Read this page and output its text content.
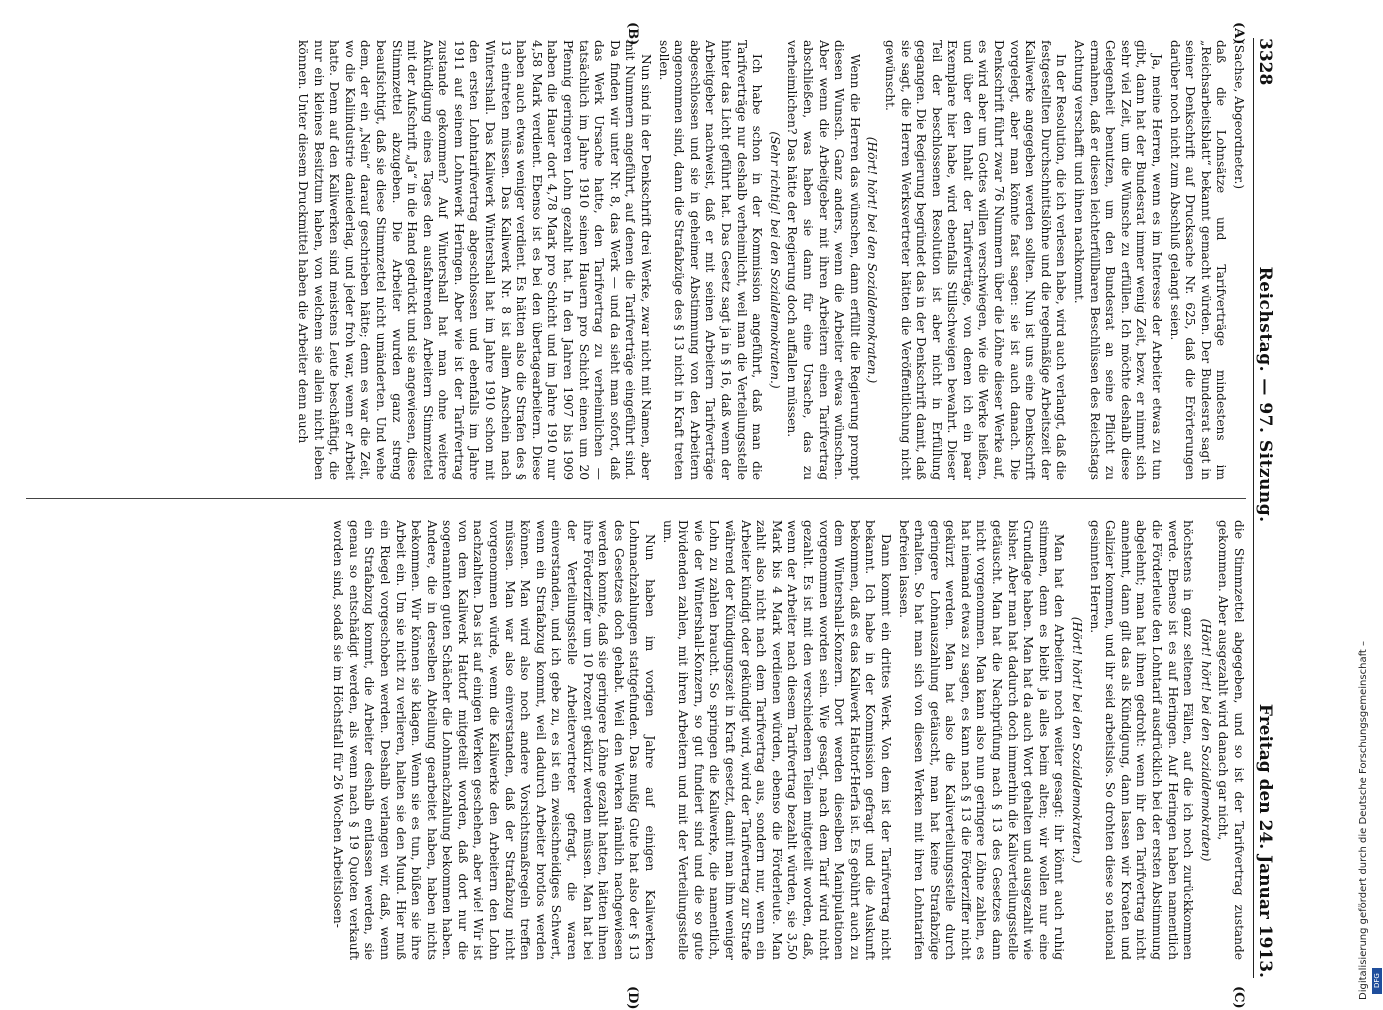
3328
Reichstag. — 97. Sitzung.
Freitag den 24. Januar 1913.
(A)
(B)
(C)
(D)

(Sachse, Abgeordneter.)

daß die Lohnsätze und Tarifverträge mindestens im „Reichsarbeitsblatt“ bekannt gemacht würden. Der Bundesrat sagt in seiner Denkschrift auf Drucksache Nr. 625, daß die Erörterungen darüber noch nicht zum Abschluß gelangt seien.

Ja, meine Herren, wenn es im Interesse der Arbeiter etwas zu tun gibt, dann hat der Bundesrat immer wenig Zeit, bezw. er nimmt sich sehr viel Zeit, um die Wünsche zu erfüllen. Ich möchte deshalb diese Gelegenheit benutzen, um den Bundesrat an seine Pflicht zu ermahnen, daß er diesen leichterfüllbaren Beschlüssen des Reichstags Achtung verschafft und ihnen nachkommt.

In der Resolution, die ich verlesen habe, wird auch verlangt, daß die festgestellten Durchschnittslöhne und die regelmäßige Arbeitszeit der Kaliwerke angegeben werden sollten. Nun ist uns eine Denkschrift vorgelegt, aber man könnte fast sagen: sie ist auch danach. Die Denkschrift führt zwar 76 Nummern über die Löhne dieser Werke auf, es wird aber um Gottes willen verschwiegen, wie die Werke heißen, und über den Inhalt der Tarifverträge, von denen ich ein paar Exemplare hier habe, wird ebenfalls Stillschweigen bewahrt. Dieser Teil der beschlossenen Resolution ist aber nicht in Erfüllung gegangen. Die Regierung begründet das in der Denkschrift damit, daß sie sagt, die Herren Werksvertreter hätten die Veröffentlichung nicht gewünscht.

(Hört! hört! bei den Sozialdemokraten.)

Wenn die Herren das wünschen, dann erfüllt die Regierung prompt diesen Wunsch. Ganz anders, wenn die Arbeiter etwas wünschen. Aber wenn die Arbeitgeber mit ihren Arbeitern einen Tarifvertrag abschließen, was haben sie dann für eine Ursache, das zu verheimlichen? Das hätte der Regierung doch auffallen müssen.

(Sehr richtig! bei den Sozialdemokraten.)

Ich habe schon in der Kommission angeführt, daß man die Tarifverträge nur deshalb verheimlicht, weil man die Verteilungsstelle hinter das Licht geführt hat. Das Gesetz sagt ja in § 16, daß wenn der Arbeitgeber nachweist, daß er mit seinen Arbeitern Tarifverträge abgeschlossen und sie in geheimer Abstimmung von den Arbeitern angenommen sind, dann die Strafabzüge des § 13 nicht in Kraft treten sollen.

Nun sind in der Denkschrift drei Werke, zwar nicht mit Namen, aber mit Nummern angeführt, auf denen die Tarifverträge eingeführt sind. Da finden wir unter Nr. 8, das Werk — und da sieht man sofort, daß das Werk Ursache hatte, den Tarifvertrag zu verheimlichen — tatsächlich im Jahre 1910 seinen Hauern pro Schicht einen um 20 Pfennig geringeren Lohn gezahlt hat. In den Jahren 1907 bis 1909 haben die Hauer dort 4,78 Mark pro Schicht und im Jahre 1910 nur 4,58 Mark verdient. Ebenso ist es bei den übertagearbeitern. Diese haben auch etwas weniger verdient. Es hätten also die Strafen des § 13 eintreten müssen. Das Kaliwerk Nr. 8 ist allem Anschein nach Wintershall. Das Kaliwerk Wintershall hat im Jahre 1910 schon mit den ersten Lohntarifvertrag abgeschlossen und ebenfalls im Jahre 1911 auf seinem Lohnwerk Heringen. Aber wie ist der Tarifvertrag zustande gekommen? Auf Wintershall hat man ohne weitere Ankündigung eines Tages den ausfahrenden Arbeitern Stimmzettel mit der Aufschrift „Ja“ in die Hand gedrückt und sie angewiesen, diese Stimmzettel abzugeben. Die Arbeiter wurden ganz streng beaufsichtigt, daß sie diese Stimmzettel nicht umänderten. Und wehe dem, der ein „Nein“ darauf geschrieben hätte; denn es war die Zeit, wo die Kaliindustrie daniederlag, und jeder froh war, wenn er Arbeit hatte. Denn auf den Kaliwerken sind meistens Leute beschäftigt, die nur ein kleines Besitztum haben, von welchem sie allein nicht leben können. Unter diesem Druckmittel haben die Arbeiter denn auch

die Stimmzettel abgegeben, und so ist der Tarifvertrag zustande gekommen. Aber ausgezahlt wird danach gar nicht,

(Hört! hört! bei den Sozialdemokraten)

höchstens in ganz seltenen Fällen, auf die ich noch zurückkommen werde. Ebenso ist es auf Heringen. Auf Heringen haben namentlich die Förderleute den Lohntarif ausdrücklich bei der ersten Abstimmung abgelehnt; man hat ihnen gedroht: wenn ihr den Tarifvertrag nicht annehmt, dann gilt das als Kündigung, dann lassen wir Kroaten und Galizier kommen, und ihr seid arbeitslos. So drohten diese so national gesinnten Herren.

(Hört! hört! bei den Sozialdemokraten.)

Man hat den Arbeitern noch weiter gesagt: ihr könnt auch ruhig stimmen, denn es bleibt ja alles beim alten; wir wollen nur eine Grundlage haben. Man hat da auch Wort gehalten und ausgezahlt wie bisher. Aber man hat dadurch doch immerhin die Kaliverteilungsstelle getäuscht. Man hat die Nachprüfung nach § 13 des Gesetzes dann nicht vorgenommen. Man kann also nun geringere Löhne zahlen, es hat niemand etwas zu sagen, es kann nach § 13 die Förderziffer nicht gekürzt werden. Man hat also die Kaliverteilungsstelle durch geringere Lohnauszahlung getäuscht, man hat keine Strafabzüge erhalten. So hat man sich von diesen Werken mit ihren Lohntarifen befreien lassen.

Dann kommt ein drittes Werk. Von dem ist der Tarifvertrag nicht bekannt. Ich habe in der Kommission gefragt und die Auskunft bekommen, daß es das Kaliwerk Hattorf-Herfa ist. Es gebührt auch zu dem Wintershall-Konzern. Dort werden dieselben Manipulationen vorgenommen worden sein. Wie gesagt, nach dem Tarif wird nicht gezahlt. Es ist mit den verschiedenen Teilen mitgeteilt worden, daß, wenn der Arbeiter nach diesem Tarifvertrag bezahlt würden, sie 3,50 Mark bis 4 Mark verdienen würden, ebenso die Förderleute. Man zahlt also nicht nach dem Tarifvertrag aus, sondern nur, wenn ein Arbeiter kündigt oder gekündigt wird, wird der Tarifvertrag zur Strafe während der Kündigungszeit in Kraft gesetzt, damit man ihm weniger Lohn zu zahlen braucht. So springen die Kaliwerke, die namentlich, wie der Wintershall-Konzern, so gut fundiert sind und die so gute Dividenden zahlen, mit ihren Arbeitern und mit der Verteilungsstelle um.

Nun haben im vorigen Jahre auf einigen Kaliwerken Lohnnachzahlungen stattgefunden. Das mußig Gute hat also der § 13 des Gesetzes doch gehabt. Weil den Werken nämlich nachgewiesen werden konnte, daß sie geringere Löhne gezahlt hatten, hätten ihnen ihre Förderziffer um 10 Prozent gekürzt werden müssen. Man hat bei der Verteilungsstelle Arbeitervertreter gefragt, die waren einverstanden, und ich gebe zu, es ist ein zweischneidiges Schwert, wenn ein Strafabzug kommt, weil dadurch Arbeiter brotlos werden können. Man wird also noch andere Vorsichtsmaßregeln treffen müssen. Man war also einverstanden, daß der Strafabzug nicht vorgenommen würde, wenn die Kaliwerke den Arbeitern den Lohn nachzahlten. Das ist auf einigen Werken geschehen, aber wie! Wir ist von dem Kaliwerk Hattorf mitgeteilt worden, daß dort nur die sogenannten guten Schächer die Lohnnachzahlung bekommen haben. Andere, die in derselben Abteilung gearbeitet haben, haben nichts bekommen. Wir können sie klagen. Wenn sie es tun, büßen sie ihre Arbeit ein. Um sie nicht zu verlieren, halten sie den Mund. Hier muß ein Riegel vorgeschoben werden. Deshalb verlangen wir, daß, wenn ein Strafabzug kommt, die Arbeiter deshalb entlassen werden, sie genau so entschädigt werden, als wenn nach § 19 Quoten verkauft worden sind, sodaß sie im Höchstfall für 26 Wochen Arbeitslosen-	Digitalisierung gefördert durch die Deutsche Forschungsgemeinschaft – DFG
